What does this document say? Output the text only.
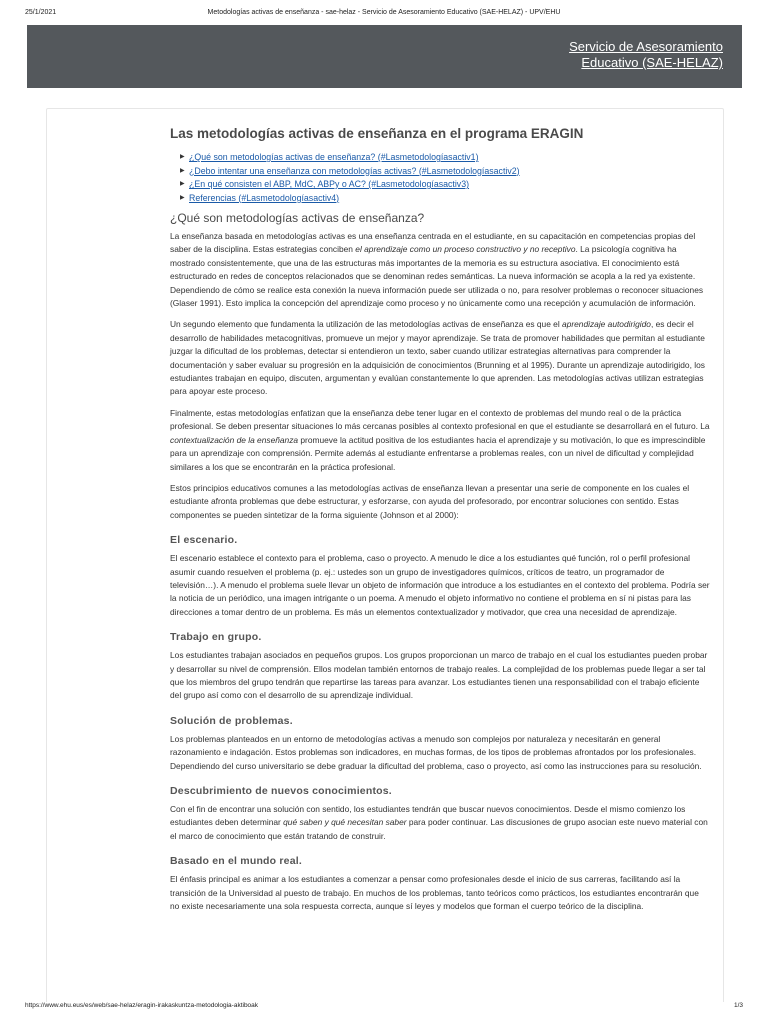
25/1/2021	Metodologías activas de enseñanza - sae-helaz - Servicio de Asesoramiento Educativo (SAE-HELAZ) - UPV/EHU
Servicio de Asesoramiento
Educativo (SAE-HELAZ)
Las metodologías activas de enseñanza en el programa ERAGIN
▶ ¿Qué son metodologías activas de enseñanza? (#Lasmetodologíasactiv1)
▶ ¿Debo intentar una enseñanza con metodologías activas? (#Lasmetodologíasactiv2)
▶ ¿En qué consisten el ABP, MdC, ABPy o AC? (#Lasmetodologíasactiv3)
▶ Referencias (#Lasmetodologíasactiv4)
¿Qué son metodologías activas de enseñanza?

La enseñanza basada en metodologías activas es una enseñanza centrada en el estudiante, en su capacitación en competencias propias del saber de la disciplina. Estas estrategias conciben el aprendizaje como un proceso constructivo y no receptivo. La psicología cognitiva ha mostrado consistentemente, que una de las estructuras más importantes de la memoria es su estructura asociativa. El conocimiento está estructurado en redes de conceptos relacionados que se denominan redes semánticas. La nueva información se acopla a la red ya existente. Dependiendo de cómo se realice esta conexión la nueva información puede ser utilizada o no, para resolver problemas o reconocer situaciones (Glaser 1991). Esto implica la concepción del aprendizaje como proceso y no únicamente como una recepción y acumulación de información.

Un segundo elemento que fundamenta la utilización de las metodologías activas de enseñanza es que el aprendizaje autodirigido, es decir el desarrollo de habilidades metacognitivas, promueve un mejor y mayor aprendizaje. Se trata de promover habilidades que permitan al estudiante juzgar la dificultad de los problemas, detectar si entendieron un texto, saber cuando utilizar estrategias alternativas para comprender la documentación y saber evaluar su progresión en la adquisición de conocimientos (Brunning et al 1995). Durante un aprendizaje autodirigido, los estudiantes trabajan en equipo, discuten, argumentan y evalúan constantemente lo que aprenden. Las metodologías activas utilizan estrategias para apoyar este proceso.

Finalmente, estas metodologías enfatizan que la enseñanza debe tener lugar en el contexto de problemas del mundo real o de la práctica profesional. Se deben presentar situaciones lo más cercanas posibles al contexto profesional en que el estudiante se desarrollará en el futuro. La contextualización de la enseñanza promueve la actitud positiva de los estudiantes hacia el aprendizaje y su motivación, lo que es imprescindible para un aprendizaje con comprensión. Permite además al estudiante enfrentarse a problemas reales, con un nivel de dificultad y complejidad similares a los que se encontrarán en la práctica profesional.

Estos principios educativos comunes a las metodologías activas de enseñanza llevan a presentar una serie de componente en los cuales el estudiante afronta problemas que debe estructurar, y esforzarse, con ayuda del profesorado, por encontrar soluciones con sentido. Estas componentes se pueden sintetizar de la forma siguiente (Johnson et al 2000):

El escenario.

El escenario establece el contexto para el problema, caso o proyecto. A menudo le dice a los estudiantes qué función, rol o perfil profesional asumir cuando resuelven el problema (p. ej.: ustedes son un grupo de investigadores químicos, críticos de teatro, un programador de televisión…). A menudo el problema suele llevar un objeto de información que introduce a los estudiantes en el contexto del problema. Podría ser la noticia de un periódico, una imagen intrigante o un poema. A menudo el objeto informativo no contiene el problema en sí ni pistas para las direcciones a tomar dentro de un problema. Es más un elementos contextualizador y motivador, que crea una necesidad de aprendizaje.

Trabajo en grupo.

Los estudiantes trabajan asociados en pequeños grupos. Los grupos proporcionan un marco de trabajo en el cual los estudiantes pueden probar y desarrollar su nivel de comprensión. Ellos modelan también entornos de trabajo reales. La complejidad de los problemas puede llegar a ser tal que los miembros del grupo tendrán que repartirse las tareas para avanzar. Los estudiantes tienen una responsabilidad con el trabajo eficiente del grupo así como con el desarrollo de su aprendizaje individual.

Solución de problemas.

Los problemas planteados en un entorno de metodologías activas a menudo son complejos por naturaleza y necesitarán en general razonamiento e indagación. Estos problemas son indicadores, en muchas formas, de los tipos de problemas afrontados por los profesionales. Dependiendo del curso universitario se debe graduar la dificultad del problema, caso o proyecto, así como las instrucciones para su resolución.

Descubrimiento de nuevos conocimientos.

Con el fin de encontrar una solución con sentido, los estudiantes tendrán que buscar nuevos conocimientos. Desde el mismo comienzo los estudiantes deben determinar qué saben y qué necesitan saber para poder continuar. Las discusiones de grupo asocian este nuevo material con el marco de conocimiento que están tratando de construir.

Basado en el mundo real.

El énfasis principal es animar a los estudiantes a comenzar a pensar como profesionales desde el inicio de sus carreras, facilitando así la transición de la Universidad al puesto de trabajo. En muchos de los problemas, tanto teóricos como prácticos, los estudiantes encontrarán que no existe necesariamente una sola respuesta correcta, aunque sí leyes y modelos que forman el cuerpo teórico de la disciplina.

https://www.ehu.eus/es/web/sae-helaz/eragin-irakaskuntza-metodologia-aktiboak	1/3
